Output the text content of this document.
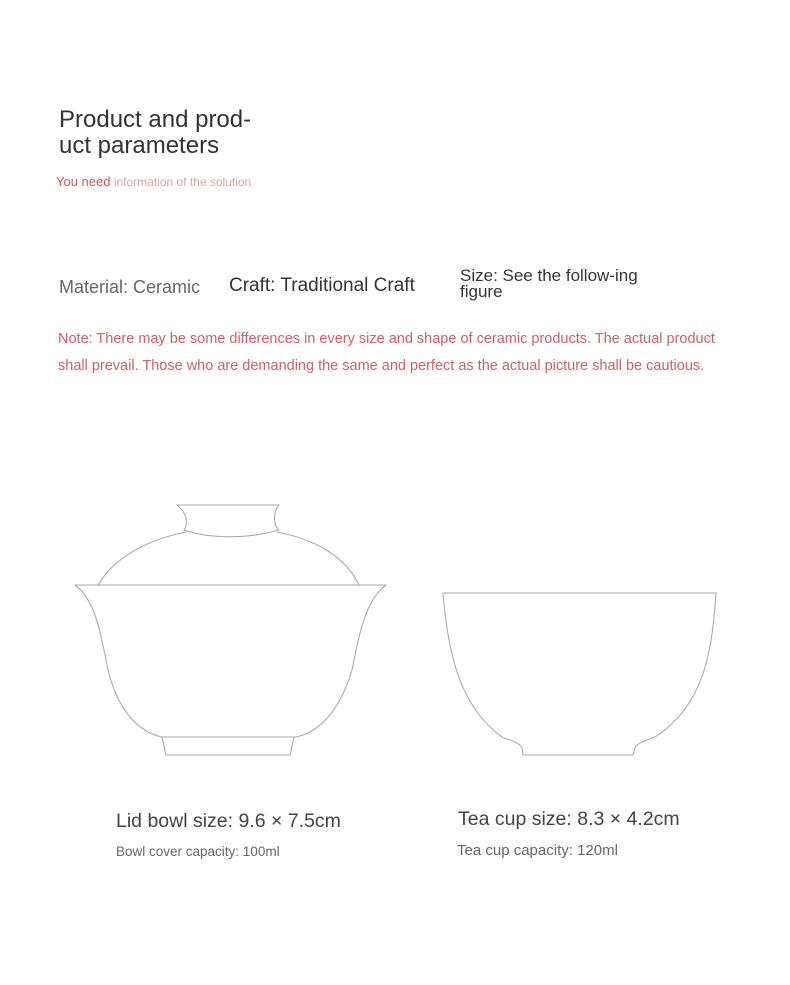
Product and prod-uct parameters
You need information of the solution
Material: Ceramic Craft: Traditional Craft	Size: See the follow-ing figure

Note: There may be some differences in every size and shape of ceramic products. The actual product shall prevail. Those who are demanding the same and perfect as the actual picture shall be cautious.

Lid bowl size: 9.6 × 7.5cm
Bowl cover capacity: 100ml
Tea cup size: 8.3 × 4.2cm
Tea cup capacity: 120ml
